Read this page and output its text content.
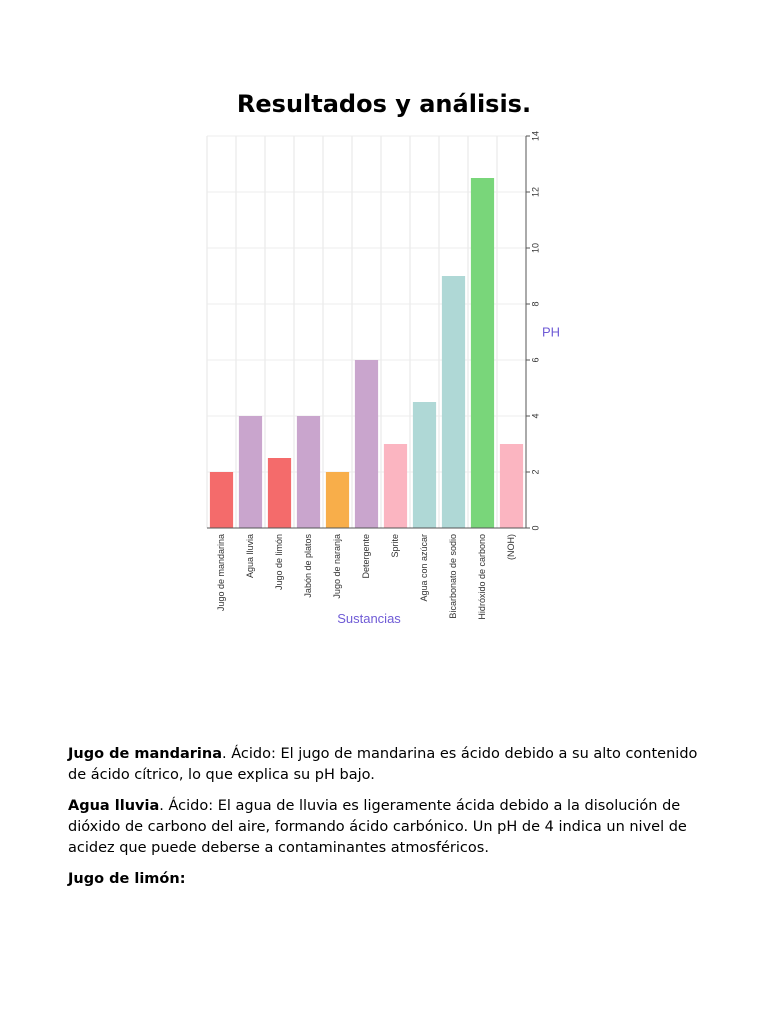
Resultados y análisis.
0
2
4
6
8
10
12
14
PH
Jugo de mandarina Agua lluvia Jugo de limón Jabón de platos Jugo de naranja Detergente Sprite Agua con azúcar Bicarbonato de sodio Hidróxido de carbono (NOH)
Sustancias

Jugo de mandarina. Ácido: El jugo de mandarina es ácido debido a su alto contenido de ácido cítrico, lo que explica su pH bajo.

Agua lluvia. Ácido: El agua de lluvia es ligeramente ácida debido a la disolución de dióxido de carbono del aire, formando ácido carbónico. Un pH de 4 indica un nivel de acidez que puede deberse a contaminantes atmosféricos.

Jugo de limón:
